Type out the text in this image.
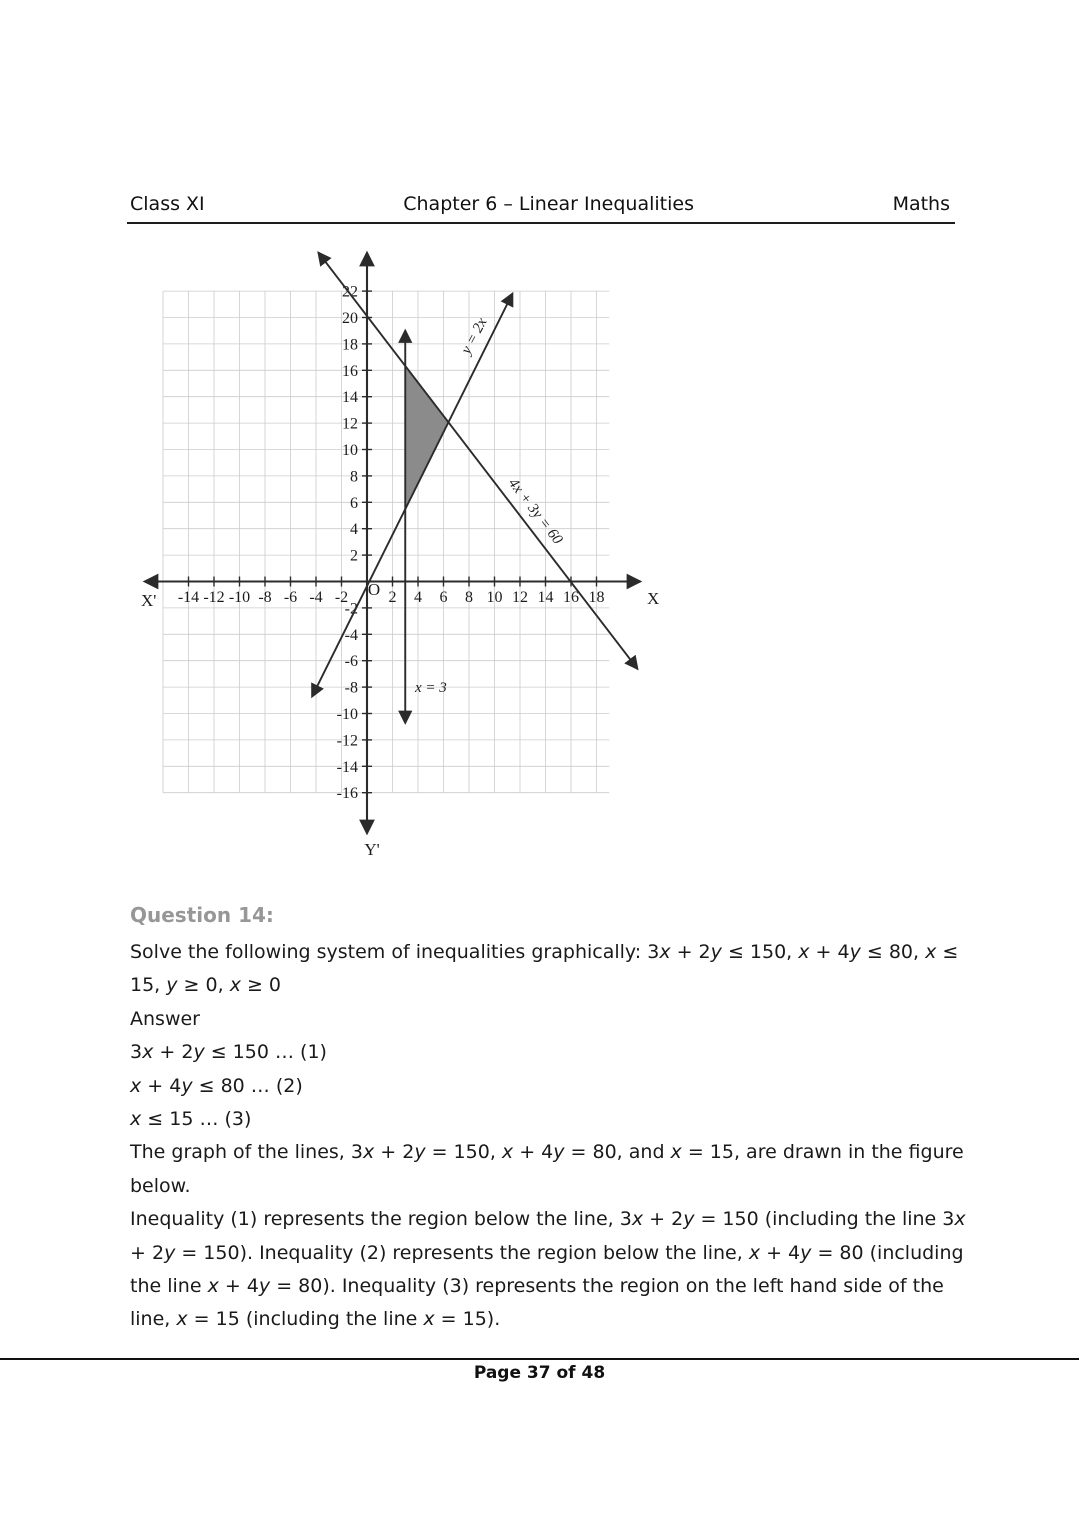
Class XI	Chapter 6 – Linear Inequalities	Maths
-14 -12 -10 -8 -6 -4 -2	2 4 6 8 10 12 14 16 18
-16
-14
-12
-10
-8
-6
-4
-2
2
4
6
8
10
12
14
16
18
20
22
y = 2x
4x + 3y = 60
x = 3
O
X'	X
Y'
Question 14:
Solve the following system of inequalities graphically: 3x + 2y ≤ 150, x + 4y ≤ 80, x ≤
15, y ≥ 0, x ≥ 0
Answer
3x + 2y ≤ 150 … (1)
x + 4y ≤ 80 … (2)
x ≤ 15 … (3)
The graph of the lines, 3x + 2y = 150, x + 4y = 80, and x = 15, are drawn in the figure
below.
Inequality (1) represents the region below the line, 3x + 2y = 150 (including the line 3x
+ 2y = 150). Inequality (2) represents the region below the line, x + 4y = 80 (including
the line x + 4y = 80). Inequality (3) represents the region on the left hand side of the
line, x = 15 (including the line x = 15).
Page 37 of 48
